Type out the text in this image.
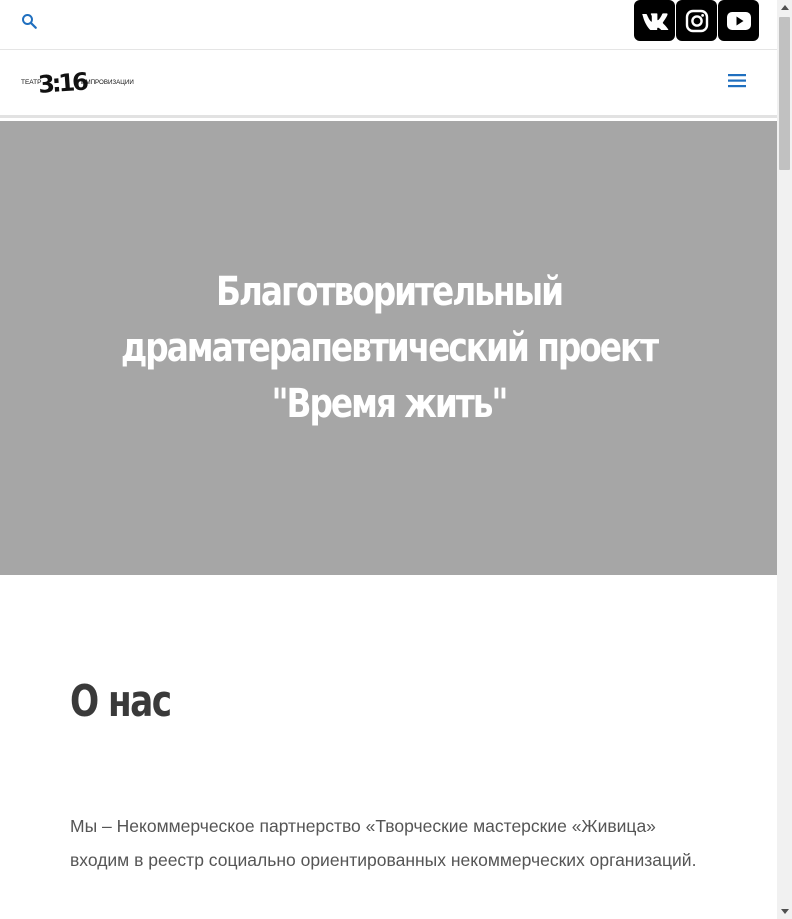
ТЕАТР
3:16
ИМПРОВИЗАЦИИ
Благотворительный драматерапевтический проект "Время жить"
О нас

Мы – Некоммерческое партнерство «Творческие мастерские «Живица» входим в реестр социально ориентированных некоммерческих организаций.
